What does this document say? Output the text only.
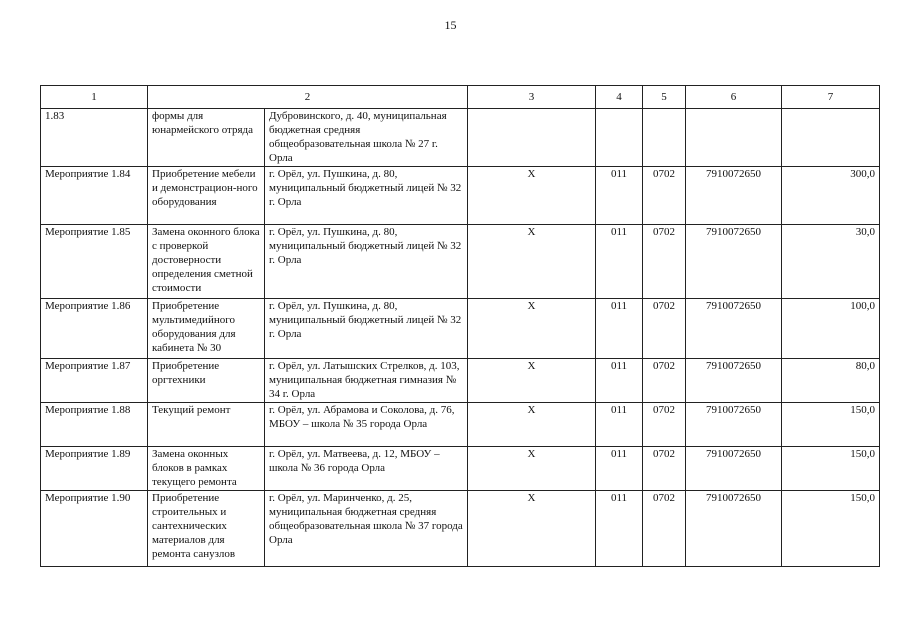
15
1	2		3	4	5	6	7
1.83	формы для юнармейского отряда	Дубровинского, д. 40, муниципальная бюджетная средняя общеобразовательная школа № 27 г. Орла					
Мероприятие 1.84	Приобретение мебели и демонстрацион-ного оборудования	г. Орёл, ул. Пушкина, д. 80, муниципальный бюджетный лицей № 32 г. Орла	Х	011	0702	7910072650	300,0
Мероприятие 1.85	Замена оконного блока с проверкой достоверности определения сметной стоимости	г. Орёл, ул. Пушкина, д. 80, муниципальный бюджетный лицей № 32 г. Орла	Х	011	0702	7910072650	30,0
Мероприятие 1.86	Приобретение мультимедийного оборудования для кабинета № 30	г. Орёл, ул. Пушкина, д. 80, муниципальный бюджетный лицей № 32 г. Орла	Х	011	0702	7910072650	100,0
Мероприятие 1.87	Приобретение оргтехники	г. Орёл, ул. Латышских Стрелков, д. 103, муниципальная бюджетная гимназия № 34 г. Орла	Х	011	0702	7910072650	80,0
Мероприятие 1.88	Текущий ремонт	г. Орёл, ул. Абрамова и Соколова, д. 76, МБОУ – школа № 35 города Орла	Х	011	0702	7910072650	150,0
Мероприятие 1.89	Замена оконных блоков в рамках текущего ремонта	г. Орёл, ул. Матвеева, д. 12, МБОУ – школа № 36 города Орла	Х	011	0702	7910072650	150,0
Мероприятие 1.90	Приобретение строительных и сантехнических материалов для ремонта санузлов	г. Орёл, ул. Маринченко, д. 25, муниципальная бюджетная средняя общеобразовательная школа № 37 города Орла	Х	011	0702	7910072650	150,0
